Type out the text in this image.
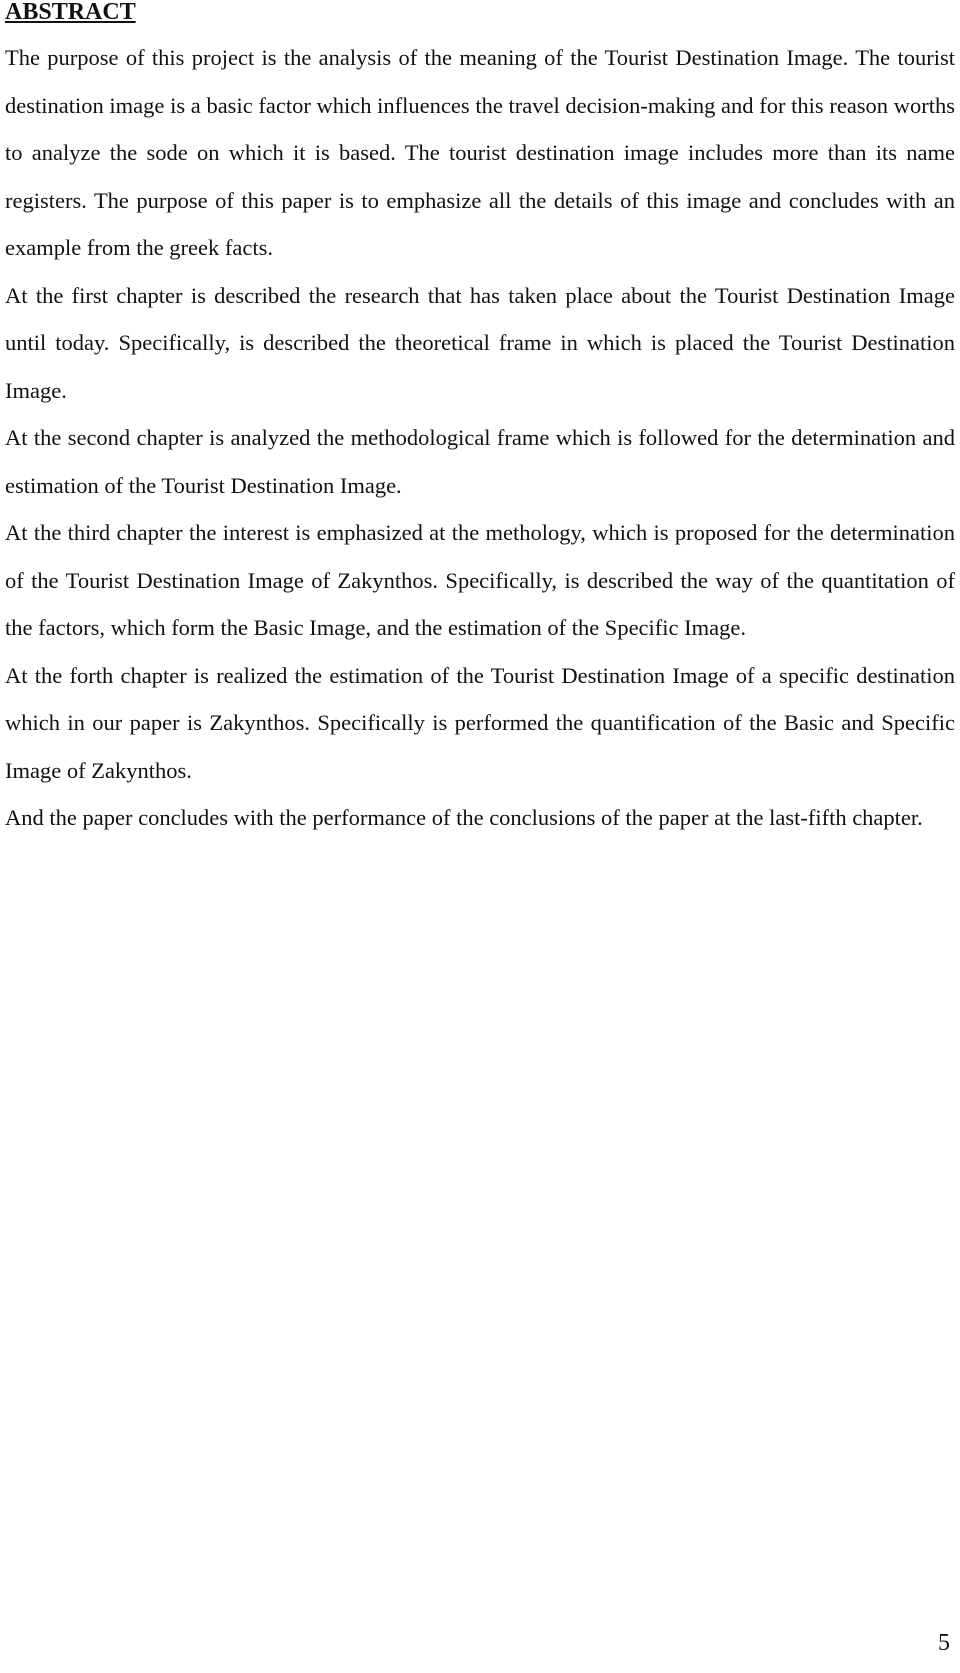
ABSTRACT

The purpose of this project is the analysis of the meaning of the Tourist Destination Image. The tourist destination image is a basic factor which influences the travel decision-making and for this reason worths to analyze the sode on which it is based. The tourist destination image includes more than its name registers. The purpose of this paper is to emphasize all the details of this image and concludes with an example from the greek facts.

At the first chapter is described the research that has taken place about the Tourist Destination Image until today. Specifically, is described the theoretical frame in which is placed the Tourist Destination Image.

At the second chapter is analyzed the methodological frame which is followed for the determination and estimation of the Tourist Destination Image.

At the third chapter the interest is emphasized at the methology, which is proposed for the determination of the Tourist Destination Image of Zakynthos. Specifically, is described the way of the quantitation of the factors, which form the Basic Image, and the estimation of the Specific Image.

At the forth chapter is realized the estimation of the Tourist Destination Image of a specific destination which in our paper is Zakynthos. Specifically is performed the quantification of the Basic and Specific Image of Zakynthos.

And the paper concludes with the performance of the conclusions of the paper at the last-fifth chapter.

5
